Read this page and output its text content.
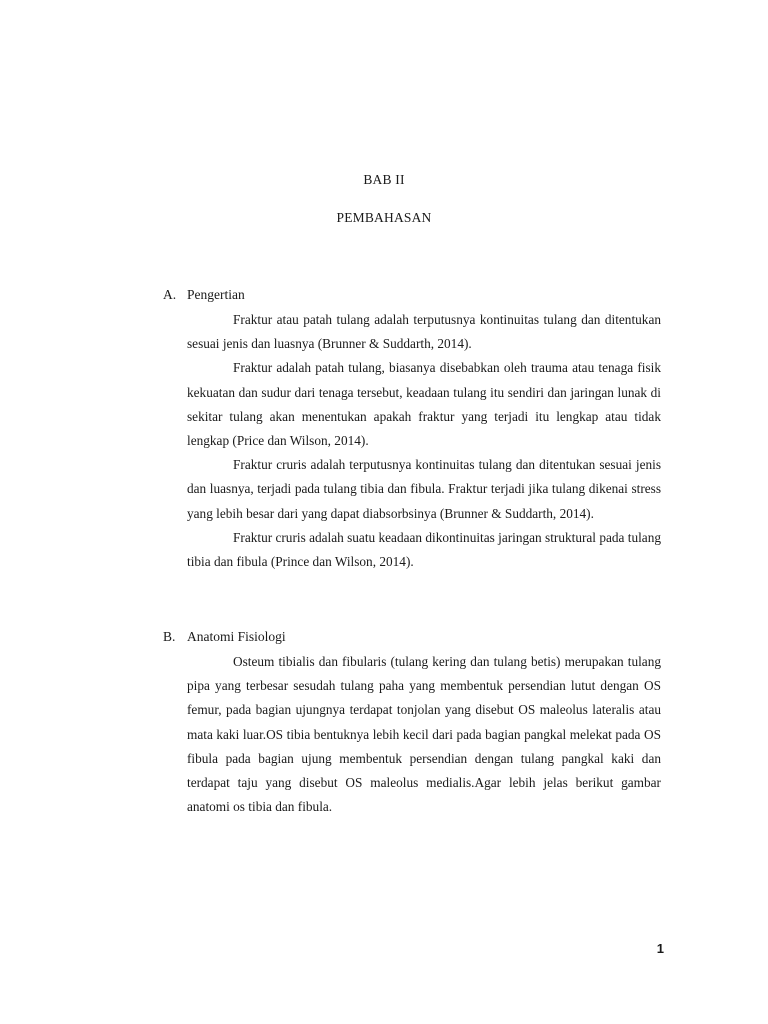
BAB II
PEMBAHASAN
A. Pengertian

Fraktur atau patah tulang adalah terputusnya kontinuitas tulang dan ditentukan sesuai jenis dan luasnya (Brunner & Suddarth, 2014).

Fraktur adalah patah tulang, biasanya disebabkan oleh trauma atau tenaga fisik kekuatan dan sudur dari tenaga tersebut, keadaan tulang itu sendiri dan jaringan lunak di sekitar tulang akan menentukan apakah fraktur yang terjadi itu lengkap atau tidak lengkap (Price dan Wilson, 2014).

Fraktur cruris adalah terputusnya kontinuitas tulang dan ditentukan sesuai jenis dan luasnya, terjadi pada tulang tibia dan fibula. Fraktur terjadi jika tulang dikenai stress yang lebih besar dari yang dapat diabsorbsinya (Brunner & Suddarth, 2014).

Fraktur cruris adalah suatu keadaan dikontinuitas jaringan struktural pada tulang tibia dan fibula (Prince dan Wilson, 2014).

B. Anatomi Fisiologi

Osteum tibialis dan fibularis (tulang kering dan tulang betis) merupakan tulang pipa yang terbesar sesudah tulang paha yang membentuk persendian lutut dengan OS femur, pada bagian ujungnya terdapat tonjolan yang disebut OS maleolus lateralis atau mata kaki luar.OS tibia bentuknya lebih kecil dari pada bagian pangkal melekat pada OS fibula pada bagian ujung membentuk persendian dengan tulang pangkal kaki dan terdapat taju yang disebut OS maleolus medialis.Agar lebih jelas berikut gambar anatomi os tibia dan fibula.

1
